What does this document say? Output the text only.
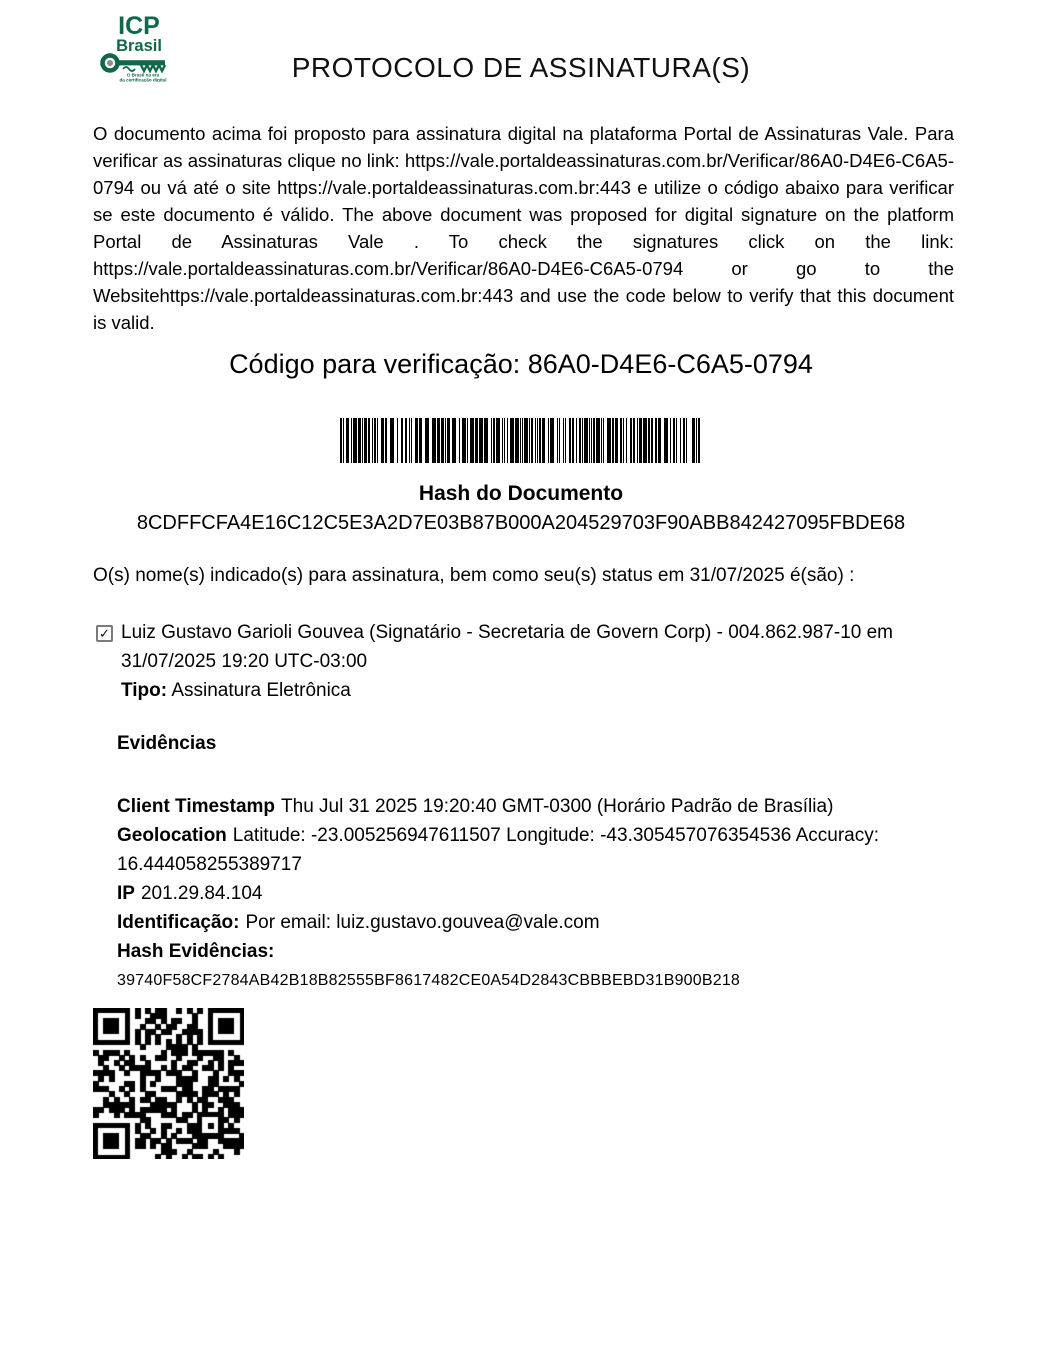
ICP
Brasil
O Brasil na era
da certificação digital	PROTOCOLO DE ASSINATURA(S)
O documento acima foi proposto para assinatura digital na plataforma Portal de Assinaturas Vale. Para verificar as assinaturas clique no link: https://vale.portaldeassinaturas.com.br/Verificar/86A0-D4E6-C6A5-0794 ou vá até o site https://vale.portaldeassinaturas.com.br:443 e utilize o código abaixo para verificar se este documento é válido. The above document was proposed for digital signature on the platform Portal de Assinaturas Vale . To check the signatures click on the link: https://vale.portaldeassinaturas.com.br/Verificar/86A0-D4E6-C6A5-0794 or go to the Websitehttps://vale.portaldeassinaturas.com.br:443 and use the code below to verify that this document is valid.
Código para verificação: 86A0-D4E6-C6A5-0794
Hash do Documento
8CDFFCFA4E16C12C5E3A2D7E03B87B000A204529703F90ABB842427095FBDE68
O(s) nome(s) indicado(s) para assinatura, bem como seu(s) status em 31/07/2025 é(são) :
✓ Luiz Gustavo Garioli Gouvea (Signatário - Secretaria de Govern Corp) - 004.862.987-10 em 31/07/2025 19:20 UTC-03:00
Tipo: Assinatura Eletrônica
Evidências
Client Timestamp Thu Jul 31 2025 19:20:40 GMT-0300 (Horário Padrão de Brasília)
Geolocation Latitude: -23.005256947611507 Longitude: -43.305457076354536 Accuracy: 16.444058255389717
IP 201.29.84.104
Identificação: Por email: luiz.gustavo.gouvea@vale.com
Hash Evidências:
39740F58CF2784AB42B18B82555BF8617482CE0A54D2843CBBBEBD31B900B218
